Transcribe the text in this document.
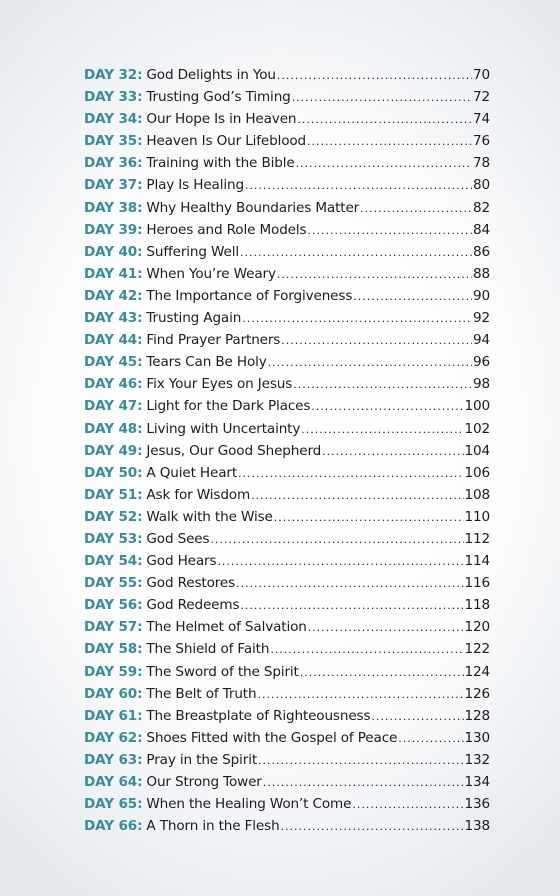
DAY 32: God Delights in You .....	70
DAY 33: Trusting God’s Timing .....	72
DAY 34: Our Hope Is in Heaven .....	74
DAY 35: Heaven Is Our Lifeblood .....	76
DAY 36: Training with the Bible .....	78
DAY 37: Play Is Healing .....	80
DAY 38: Why Healthy Boundaries Matter .....	82
DAY 39: Heroes and Role Models .....	84
DAY 40: Suffering Well .....	86
DAY 41: When You’re Weary .....	88
DAY 42: The Importance of Forgiveness .....	90
DAY 43: Trusting Again .....	92
DAY 44: Find Prayer Partners .....	94
DAY 45: Tears Can Be Holy .....	96
DAY 46: Fix Your Eyes on Jesus .....	98
DAY 47: Light for the Dark Places .....	100
DAY 48: Living with Uncertainty .....	102
DAY 49: Jesus, Our Good Shepherd .....	104
DAY 50: A Quiet Heart .....	106
DAY 51: Ask for Wisdom .....	108
DAY 52: Walk with the Wise .....	110
DAY 53: God Sees .....	112
DAY 54: God Hears .....	114
DAY 55: God Restores .....	116
DAY 56: God Redeems .....	118
DAY 57: The Helmet of Salvation .....	120
DAY 58: The Shield of Faith .....	122
DAY 59: The Sword of the Spirit .....	124
DAY 60: The Belt of Truth .....	126
DAY 61: The Breastplate of Righteousness .....	128
DAY 62: Shoes Fitted with the Gospel of Peace .....	130
DAY 63: Pray in the Spirit .....	132
DAY 64: Our Strong Tower .....	134
DAY 65: When the Healing Won’t Come .....	136
DAY 66: A Thorn in the Flesh .....	138
